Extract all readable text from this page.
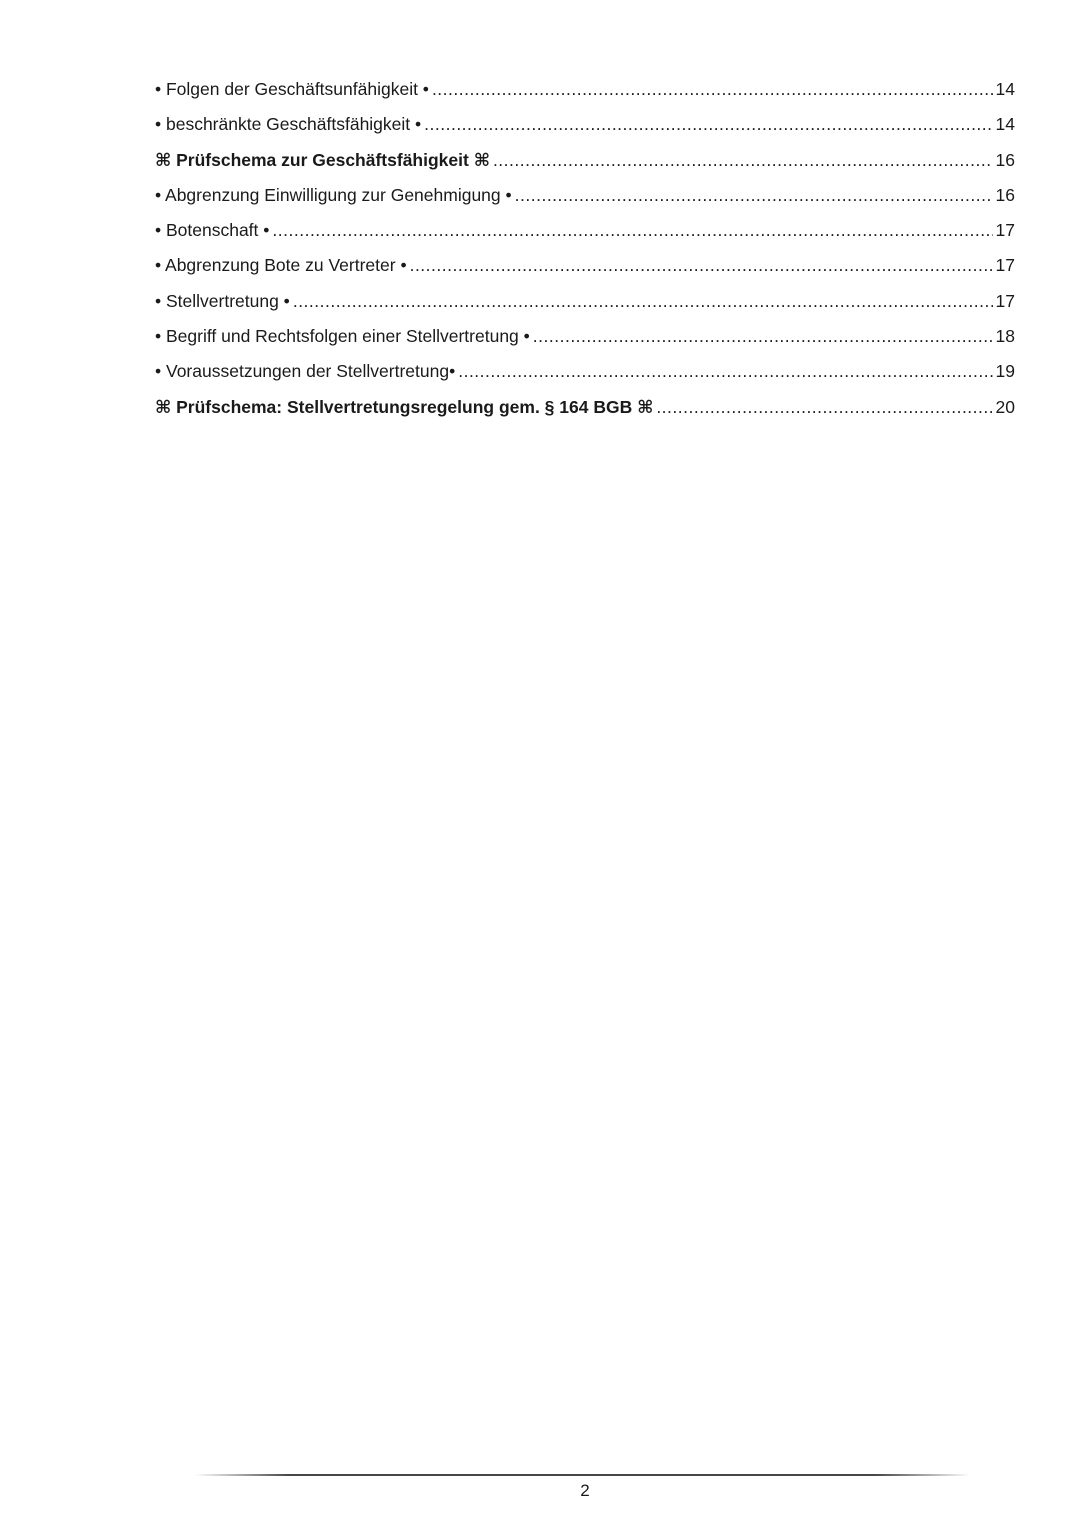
• Folgen der Geschäftsunfähigkeit • .....	14
• beschränkte Geschäftsfähigkeit • .....	14
⌘ Prüfschema zur Geschäftsfähigkeit ⌘ .....	16
• Abgrenzung Einwilligung zur Genehmigung • .....	16
• Botenschaft • .....	17
• Abgrenzung Bote zu Vertreter • .....	17
• Stellvertretung • .....	17
• Begriff und Rechtsfolgen einer Stellvertretung • .....	18
• Voraussetzungen der Stellvertretung• .....	19
⌘ Prüfschema: Stellvertretungsregelung gem. § 164 BGB ⌘ .....	20
2
